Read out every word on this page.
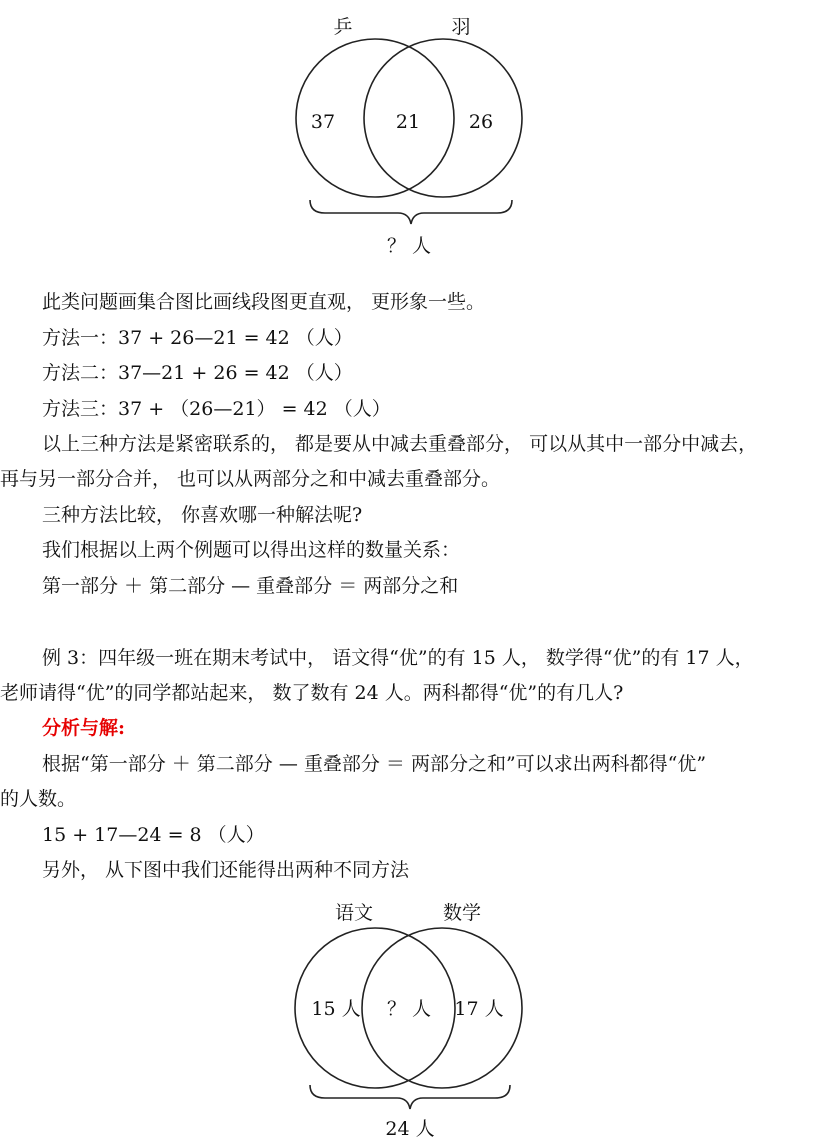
乒	羽
37	21	26
？ 人
此类问题画集合图比画线段图更直观， 更形象一些。
方法一：37 + 26—21 = 42 （人）
方法二：37—21 + 26 = 42 （人）
方法三：37 + （26—21） = 42 （人）
以上三种方法是紧密联系的， 都是要从中减去重叠部分， 可以从其中一部分中减去，
再与另一部分合并， 也可以从两部分之和中减去重叠部分。
三种方法比较， 你喜欢哪一种解法呢?
我们根据以上两个例题可以得出这样的数量关系：
第一部分 ＋ 第二部分 — 重叠部分 ＝ 两部分之和
例 3：四年级一班在期末考试中， 语文得“优”的有 15 人， 数学得“优”的有 17 人，
老师请得“优”的同学都站起来， 数了数有 24 人。两科都得“优”的有几人?
分析与解:
根据“第一部分 ＋ 第二部分 — 重叠部分 ＝ 两部分之和”可以求出两科都得“优”
的人数。
15 + 17—24 = 8 （人）
另外， 从下图中我们还能得出两种不同方法
语文	数学
15 人 ？ 人 17 人
24 人
